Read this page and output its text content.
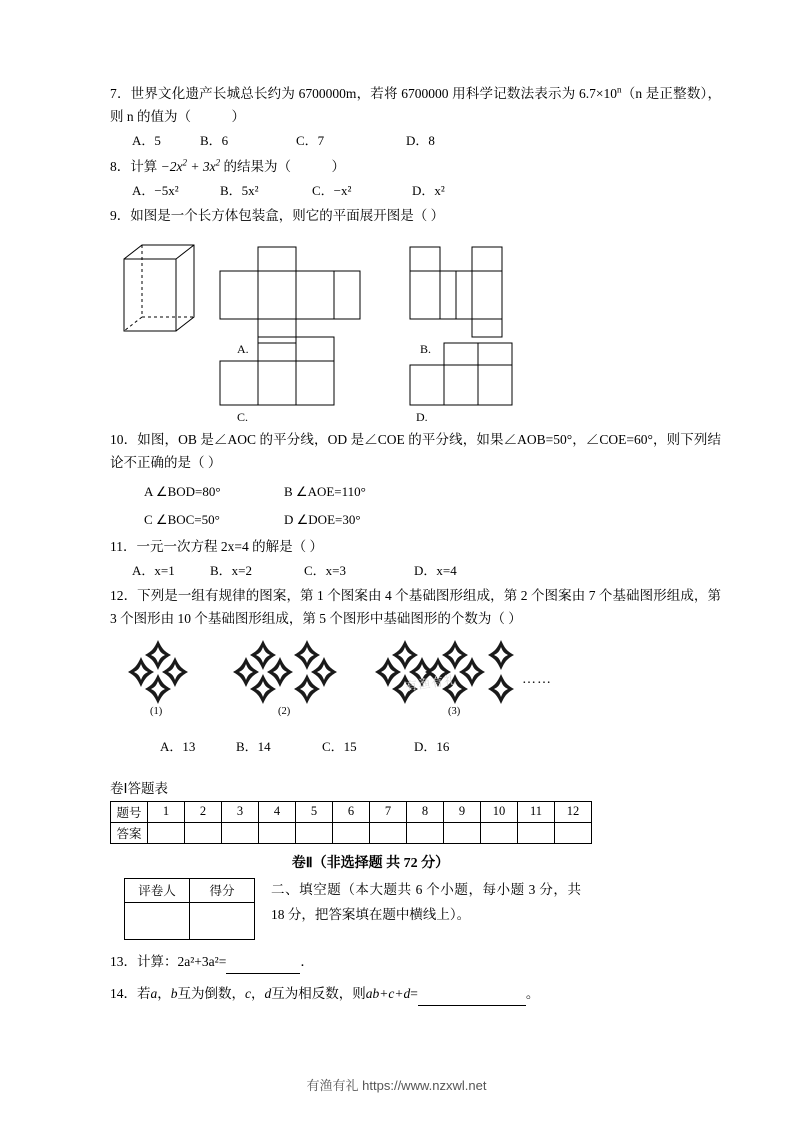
7．世界文化遗产长城总长约为 6700000m，若将 6700000 用科学记数法表示为 $6.7\times 10^n(n$ 是正整数），则 n 的值为（　　　）

A．5	B．6	C．7	D．8

8．计算 $-2x^2 + 3x^2$ 的结果为（　　　）

A．−5x²	B．5x²	C．−x²	D．x²

9．如图是一个长方体包装盒，则它的平面展开图是（ ）

A.	B.
C.	D.

10．如图，OB 是∠AOC 的平分线，OD 是∠COE 的平分线，如果∠AOB=50°，∠COE=60°，则下列结论不正确的是（ ）

A ∠BOD=80°	B ∠AOE=110°
C ∠BOC=50°	D ∠DOE=30°

11．一元一次方程 2x=4 的解是（ ）

A．x=1	B．x=2	C．x=3	D．x=4

12．下列是一组有规律的图案，第 1 个图案由 4 个基础图形组成，第 2 个图案由 7 个基础图形组成，第 3 个图形由 10 个基础图形组成，第 5 个图形中基础图形的个数为（ ）

有渔有礼	……
(1)	(2)	(3)
A．13	B．14	C．15	D．16
卷Ⅰ答题表
题号	1	2	3	4	5	6	7	8	9	10	11	12
答案												
卷Ⅱ（非选择题 共 72 分）
评卷人	得分
		二、填空题（本大题共 6 个小题，每小题 3 分，共 18 分，把答案填在题中横线上）。

13．计算：2a²+3a²=	．

14．若a，b互为倒数，c，d互为相反数，则ab+c+d=	。

有渔有礼 https://www.nzxwl.net
